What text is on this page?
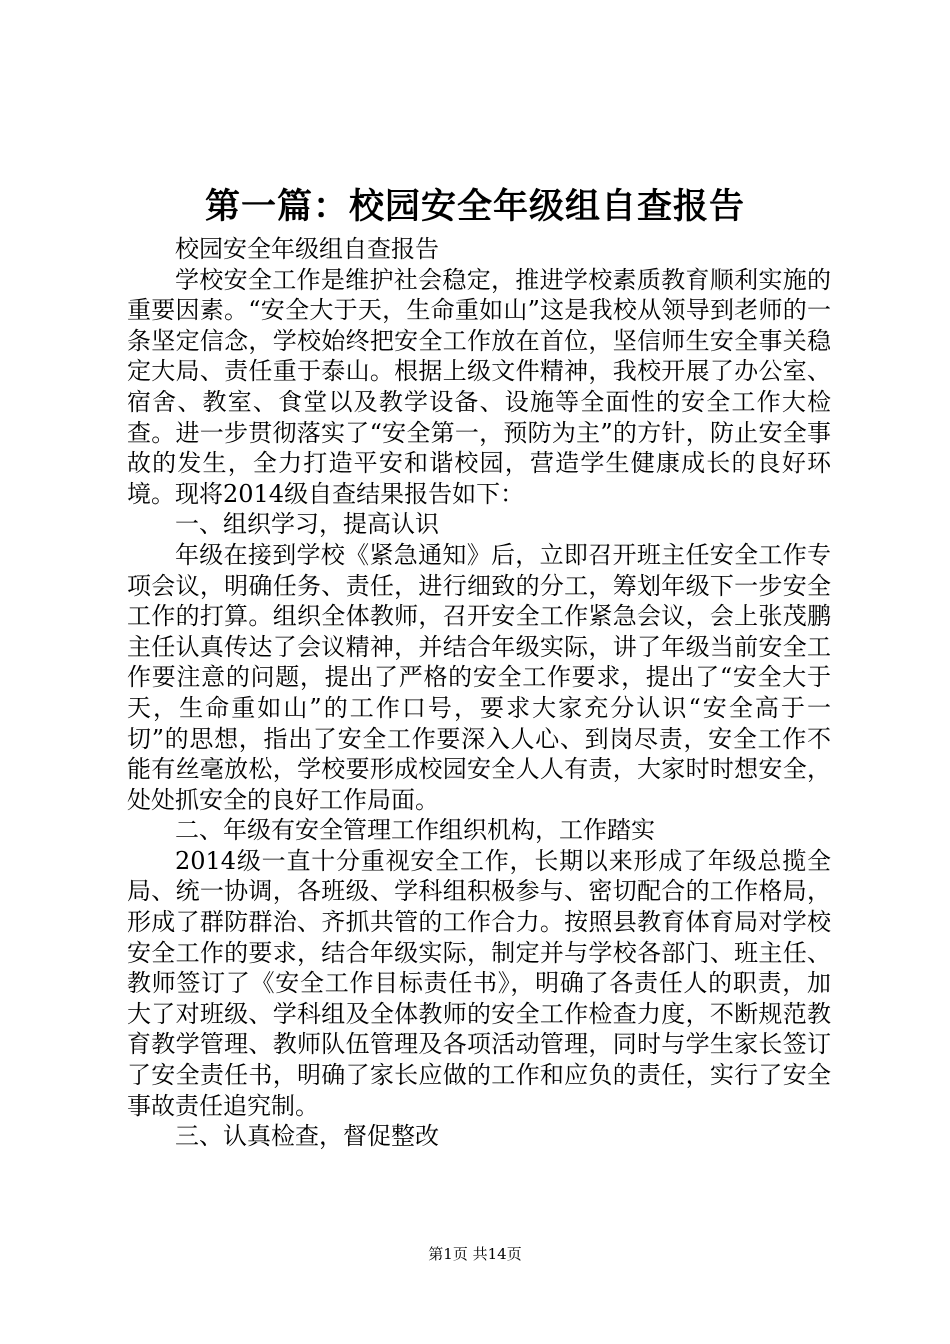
第一篇：校园安全年级组自查报告

校园安全年级组自查报告

学校安全工作是维护社会稳定，推进学校素质教育顺利实施的重要因素。“安全大于天，生命重如山”这是我校从领导到老师的一条坚定信念，学校始终把安全工作放在首位，坚信师生安全事关稳定大局、责任重于泰山。根据上级文件精神，我校开展了办公室、宿舍、教室、食堂以及教学设备、设施等全面性的安全工作大检查。进一步贯彻落实了“安全第一，预防为主”的方针，防止安全事故的发生，全力打造平安和谐校园，营造学生健康成长的良好环境。现将2014级自查结果报告如下：

一、组织学习，提高认识

年级在接到学校《紧急通知》后，立即召开班主任安全工作专项会议，明确任务、责任，进行细致的分工，筹划年级下一步安全工作的打算。组织全体教师，召开安全工作紧急会议，会上张茂鹏主任认真传达了会议精神，并结合年级实际，讲了年级当前安全工作要注意的问题，提出了严格的安全工作要求，提出了“安全大于天，生命重如山”的工作口号，要求大家充分认识“安全高于一切”的思想，指出了安全工作要深入人心、到岗尽责，安全工作不能有丝毫放松，学校要形成校园安全人人有责，大家时时想安全，处处抓安全的良好工作局面。

二、年级有安全管理工作组织机构，工作踏实

2014级一直十分重视安全工作，长期以来形成了年级总揽全局、统一协调，各班级、学科组积极参与、密切配合的工作格局，形成了群防群治、齐抓共管的工作合力。按照县教育体育局对学校安全工作的要求，结合年级实际，制定并与学校各部门、班主任、教师签订了《安全工作目标责任书》，明确了各责任人的职责，加大了对班级、学科组及全体教师的安全工作检查力度，不断规范教育教学管理、教师队伍管理及各项活动管理，同时与学生家长签订了安全责任书，明确了家长应做的工作和应负的责任，实行了安全事故责任追究制。

三、认真检查，督促整改

第1页 共14页
